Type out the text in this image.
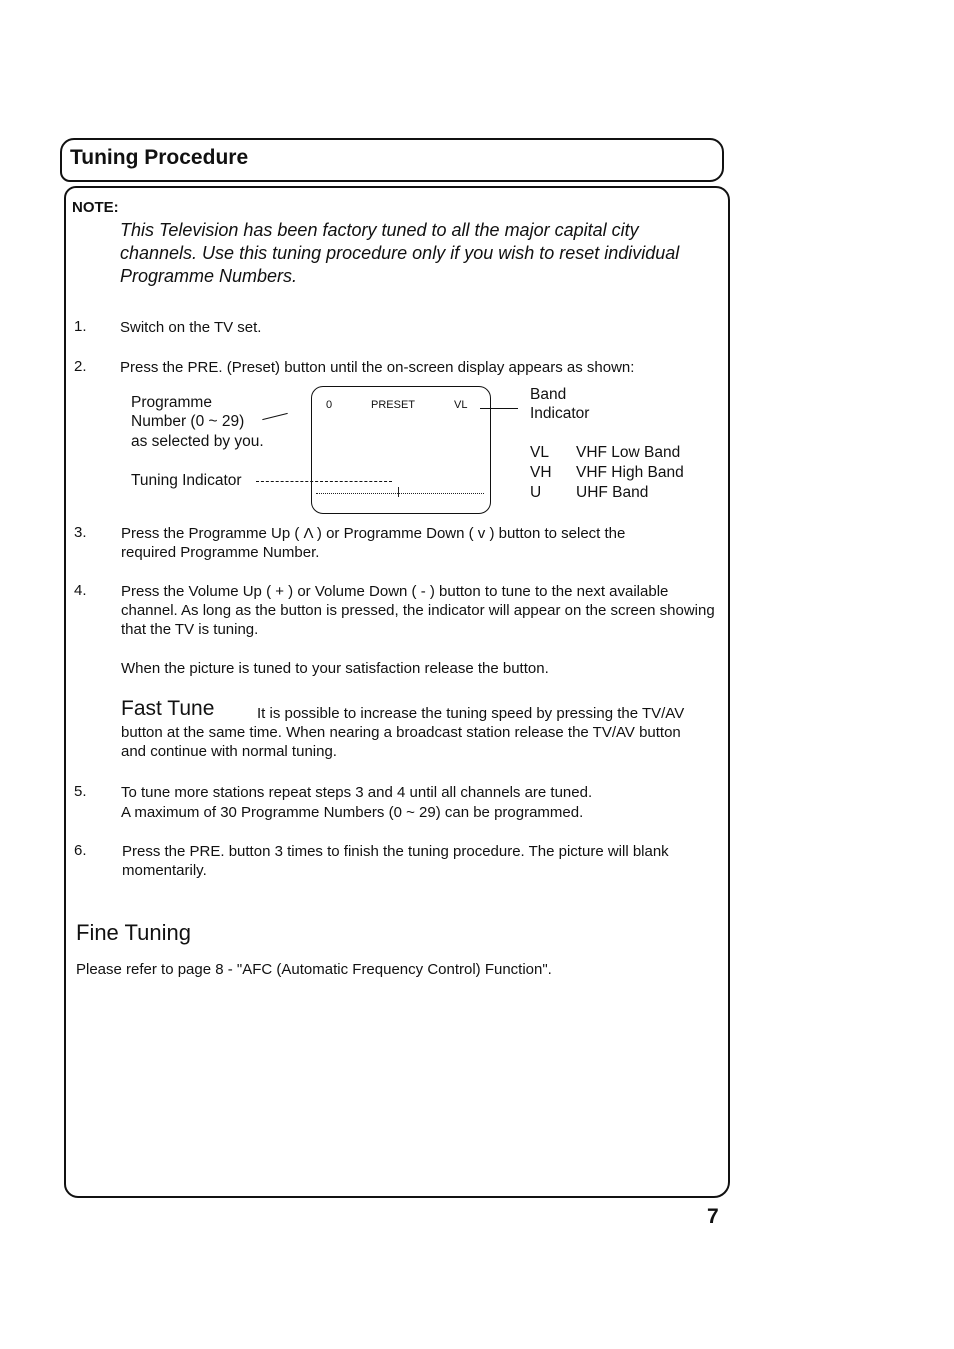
Tuning Procedure
NOTE:
This Television has been factory tuned to all the major capital city channels. Use this tuning procedure only if you wish to reset individual Programme Numbers.
1. Switch on the TV set.
2. Press the PRE. (Preset) button until the on-screen display appears as shown:
Programme
Number (0 ~ 29)
as selected by you.
Tuning Indicator
0	PRESET	VL
Band
Indicator
VL VHF Low Band
VH VHF High Band
U UHF Band
3. Press the Programme Up ( Λ ) or Programme Down ( v ) button to select the required Programme Number.
4. Press the Volume Up ( + ) or Volume Down ( - ) button to tune to the next available channel. As long as the button is pressed, the indicator will appear on the screen showing that the TV is tuning.
When the picture is tuned to your satisfaction release the button.
Fast Tune	It is possible to increase the tuning speed by pressing the TV/AV button at the same time. When nearing a broadcast station release the TV/AV button and continue with normal tuning.
5. To tune more stations repeat steps 3 and 4 until all channels are tuned.
A maximum of 30 Programme Numbers (0 ~ 29) can be programmed.
6. Press the PRE. button 3 times to finish the tuning procedure. The picture will blank momentarily.
Fine Tuning
Please refer to page 8 - "AFC (Automatic Frequency Control) Function".
7
